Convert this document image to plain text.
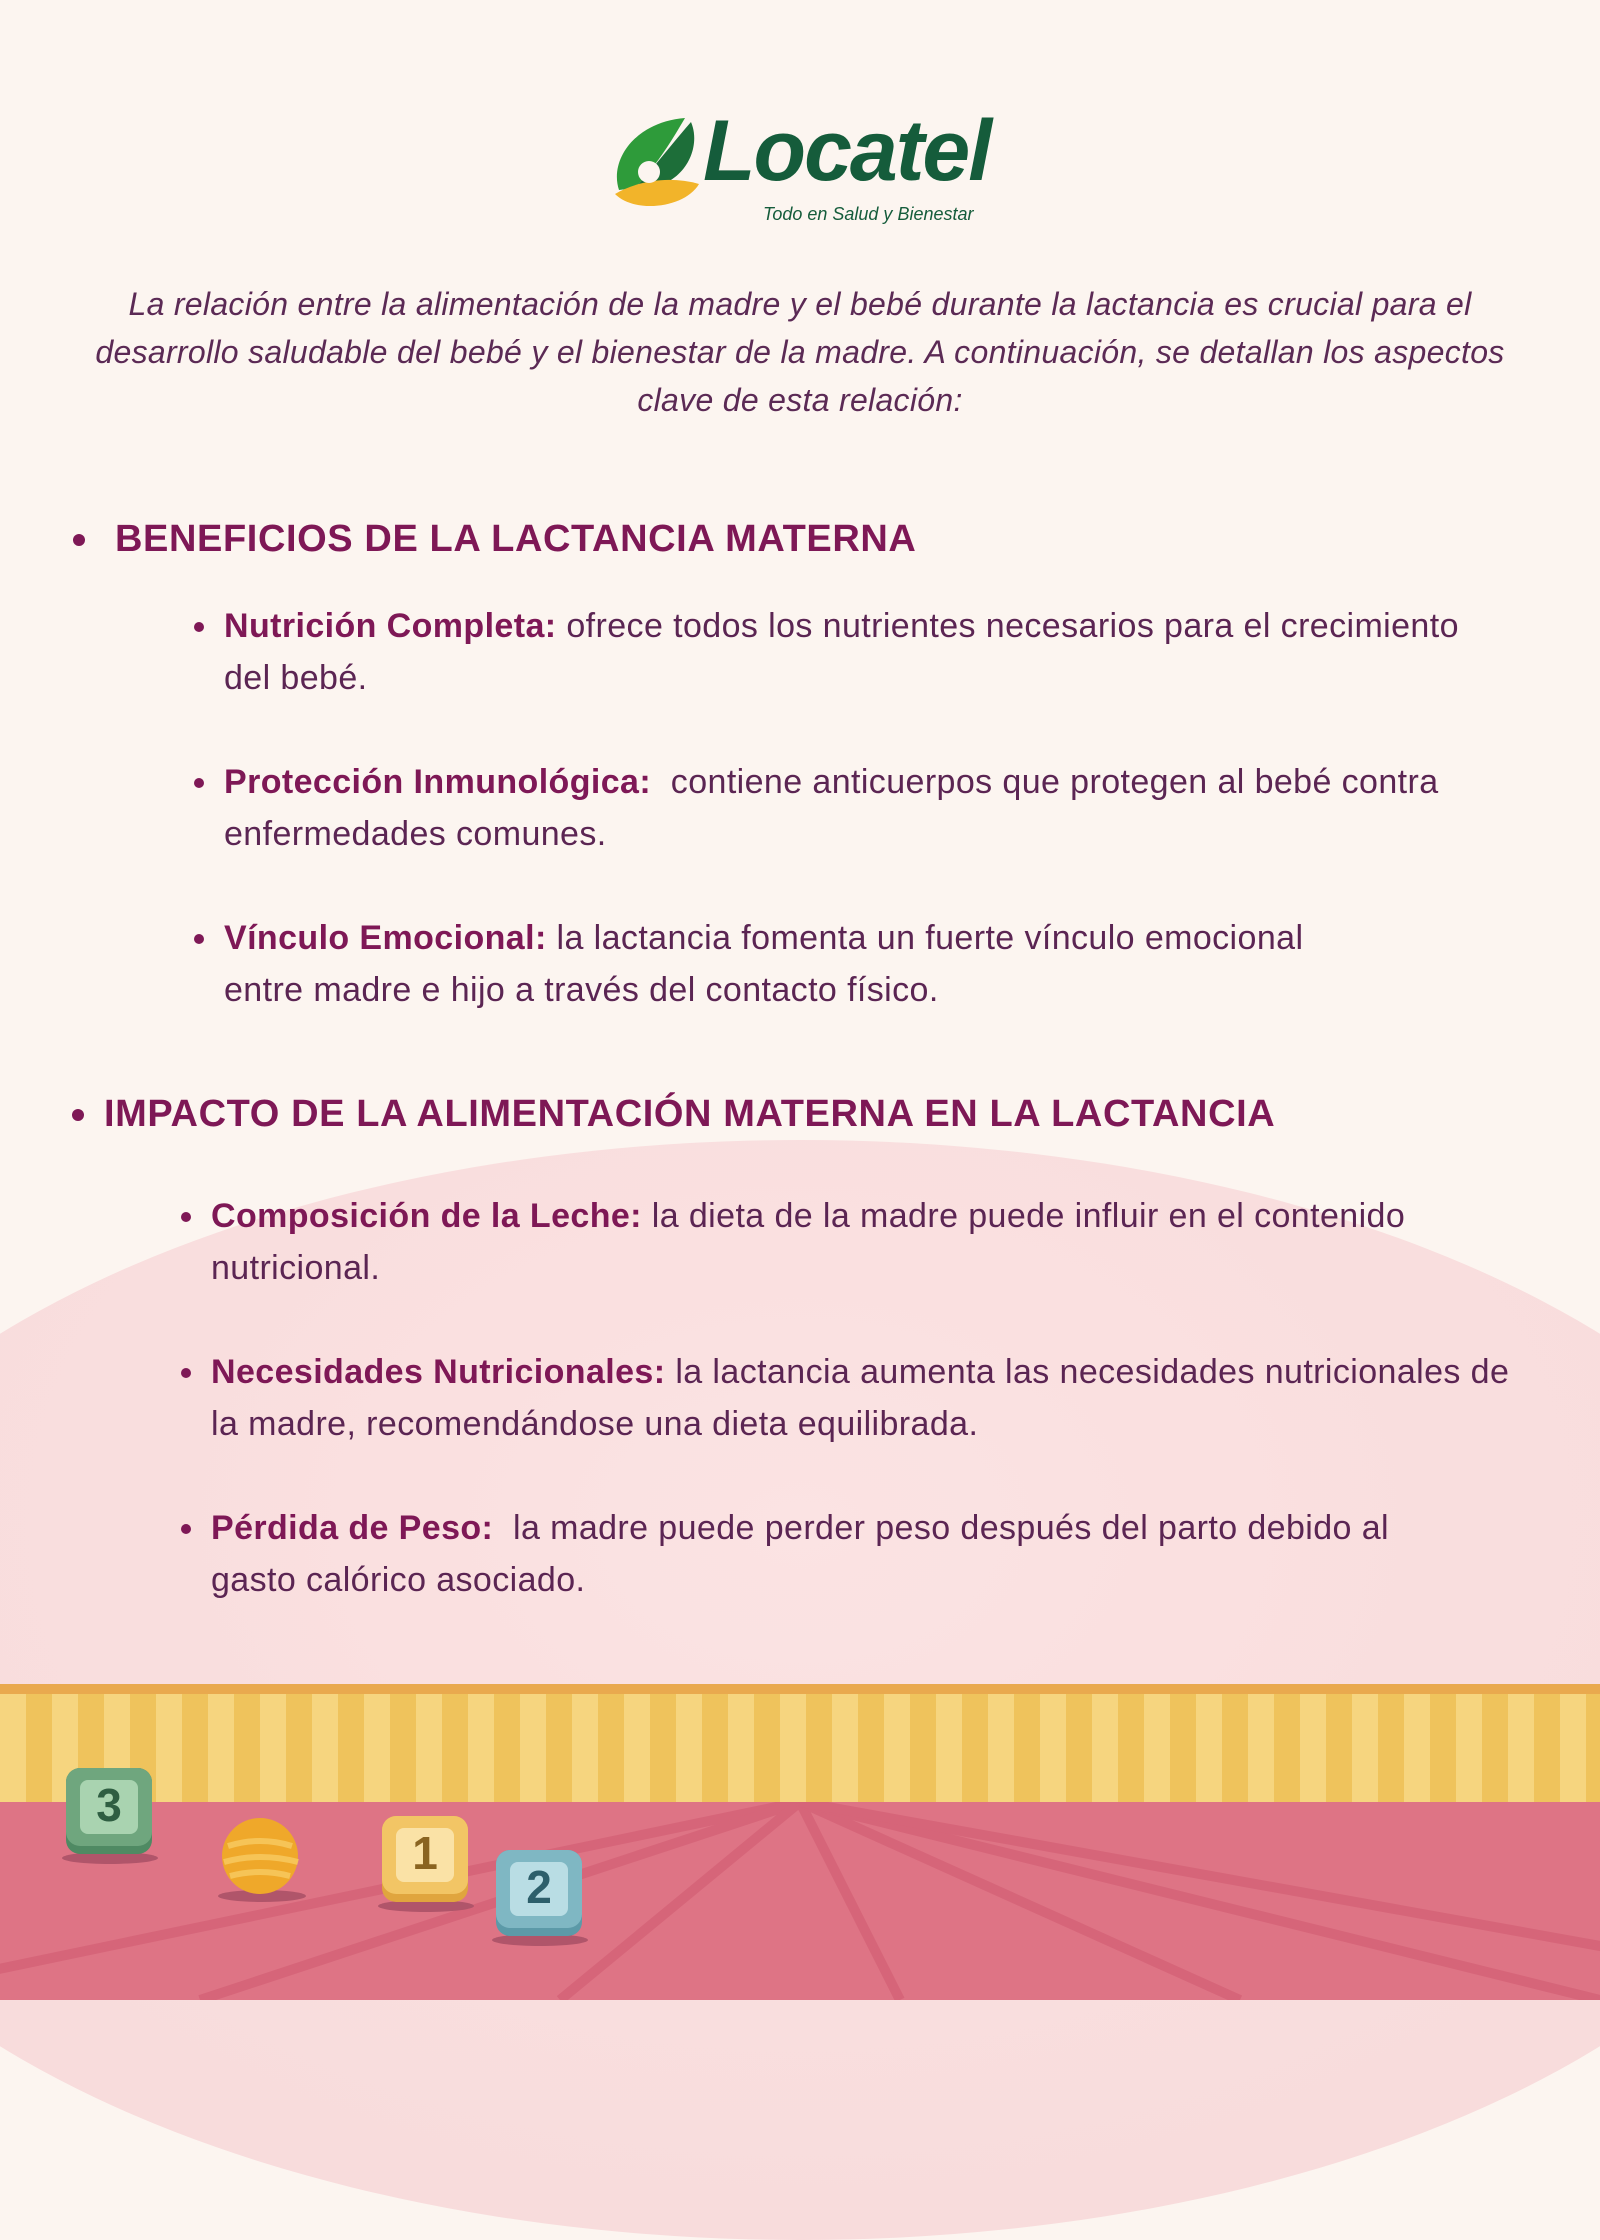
Locatel
Todo en Salud y Bienestar

La relación entre la alimentación de la madre y el bebé durante la lactancia es crucial para el desarrollo saludable del bebé y el bienestar de la madre. A continuación, se detallan los aspectos clave de esta relación:

BENEFICIOS DE LA LACTANCIA MATERNA
Nutrición Completa: ofrece todos los nutrientes necesarios para el crecimiento del bebé.
Protección Inmunológica: contiene anticuerpos que protegen al bebé contra enfermedades comunes.
Vínculo Emocional: la lactancia fomenta un fuerte vínculo emocional entre madre e hijo a través del contacto físico.
IMPACTO DE LA ALIMENTACIÓN MATERNA EN LA LACTANCIA
Composición de la Leche: la dieta de la madre puede influir en el contenido nutricional.
Necesidades Nutricionales: la lactancia aumenta las necesidades nutricionales de la madre, recomendándose una dieta equilibrada.
Pérdida de Peso: la madre puede perder peso después del parto debido al gasto calórico asociado.
3
1
2
